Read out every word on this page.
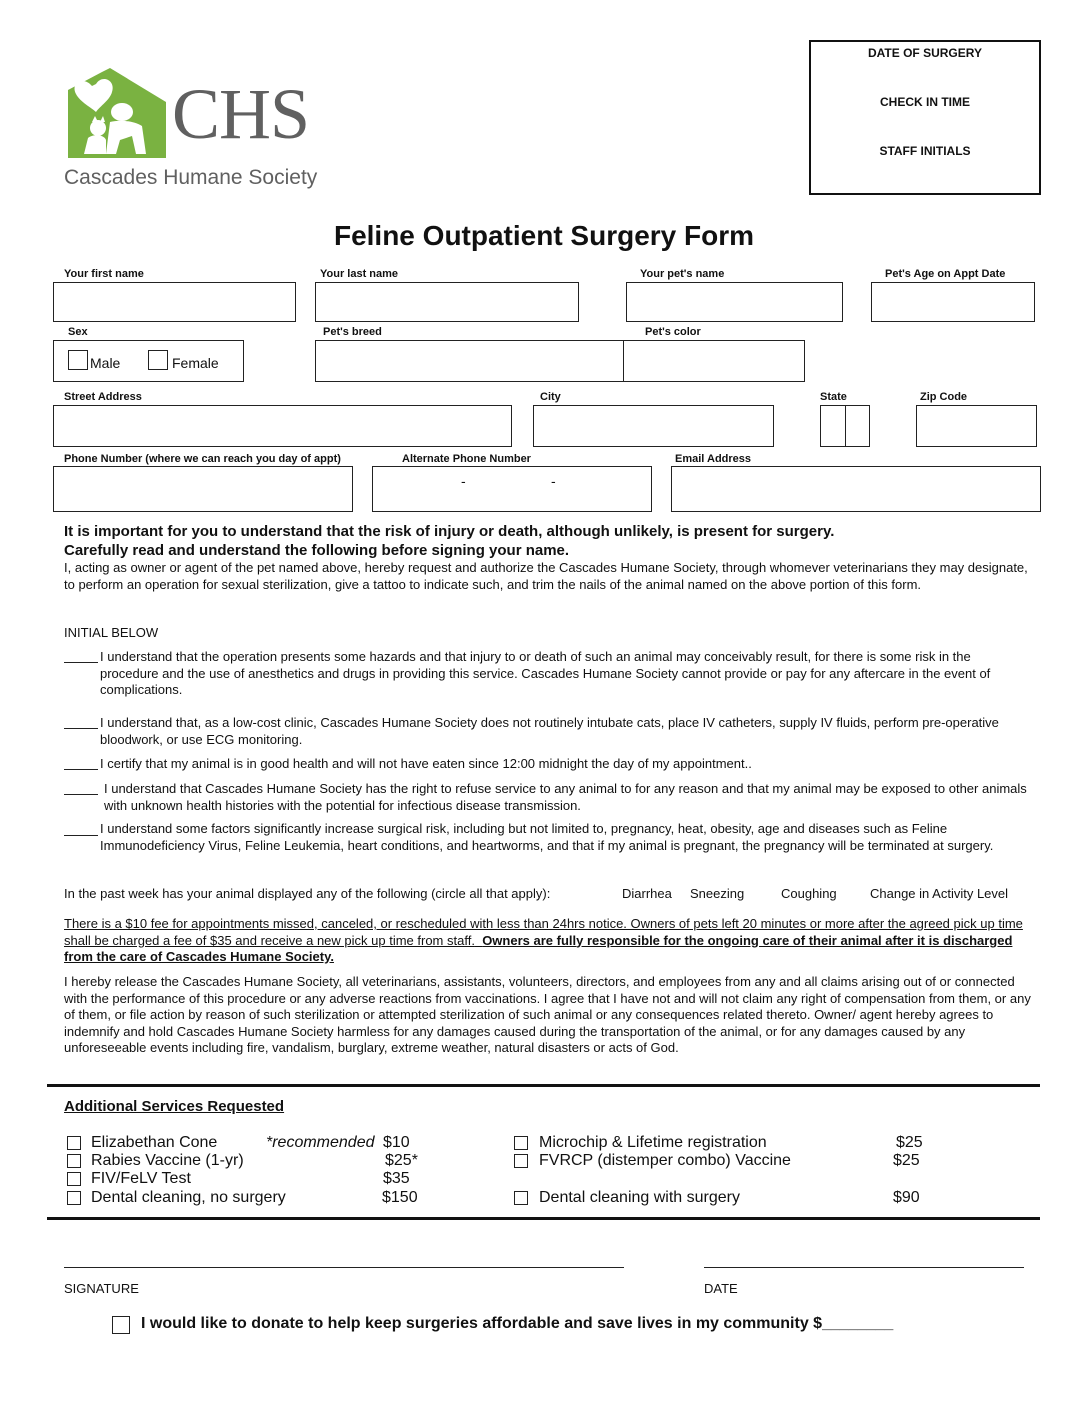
CHS
Cascades Humane Society
DATE OF SURGERY
CHECK IN TIME
STAFF INITIALS
Feline Outpatient Surgery Form
Your first name	Your last name	Your pet's name	Pet's Age on Appt Date
Sex
Male	Female
Pet's breed	Pet's color
Street Address	City	State	Zip Code
Phone Number (where we can reach you day of appt)	Alternate Phone Number
-	-
Email Address
It is important for you to understand that the risk of injury or death, although unlikely, is present for surgery.
Carefully read and understand the following before signing your name.
I, acting as owner or agent of the pet named above, hereby request and authorize the Cascades Humane Society, through whomever veterinarians they may designate, to perform an operation for sexual sterilization, give a tattoo to indicate such, and trim the nails of the animal named on the above portion of this form.
INITIAL BELOW
I understand that the operation presents some hazards and that injury to or death of such an animal may conceivably result, for there is some risk in the procedure and the use of anesthetics and drugs in providing this service. Cascades Humane Society cannot provide or pay for any aftercare in the event of complications.
I understand that, as a low-cost clinic, Cascades Humane Society does not routinely intubate cats, place IV catheters, supply IV fluids, perform pre-operative bloodwork, or use ECG monitoring.
I certify that my animal is in good health and will not have eaten since 12:00 midnight the day of my appointment..
I understand that Cascades Humane Society has the right to refuse service to any animal to for any reason and that my animal may be exposed to other animals with unknown health histories with the potential for infectious disease transmission.
I understand some factors significantly increase surgical risk, including but not limited to, pregnancy, heat, obesity, age and diseases such as Feline Immunodeficiency Virus, Feline Leukemia, heart conditions, and heartworms, and that if my animal is pregnant, the pregnancy will be terminated at surgery.
In the past week has your animal displayed any of the following (circle all that apply):	Diarrhea Sneezing	Coughing	Change in Activity Level
There is a $10 fee for appointments missed, canceled, or rescheduled with less than 24hrs notice. Owners of pets left 20 minutes or more after the agreed pick up time shall be charged a fee of $35 and receive a new pick up time from staff. Owners are fully responsible for the ongoing care of their animal after it is discharged from the care of Cascades Humane Society.
I hereby release the Cascades Humane Society, all veterinarians, assistants, volunteers, directors, and employees from any and all claims arising out of or connected with the performance of this procedure or any adverse reactions from vaccinations. I agree that I have not and will not claim any right of compensation from them, or any of them, or file action by reason of such sterilization or attempted sterilization of such animal or any consequences related thereto. Owner/ agent hereby agrees to indemnify and hold Cascades Humane Society harmless for any damages caused during the transportation of the animal, or for any damages caused by any unforeseeable events including fire, vandalism, burglary, extreme weather, natural disasters or acts of God.
Additional Services Requested
Elizabethan Cone	*recommended $10
Rabies Vaccine (1-yr)	$25*
FIV/FeLV Test	$35
Dental cleaning, no surgery	$150
Microchip & Lifetime registration	$25
FVRCP (distemper combo) Vaccine	$25
Dental cleaning with surgery	$90
SIGNATURE	DATE
I would like to donate to help keep surgeries affordable and save lives in my community $________
